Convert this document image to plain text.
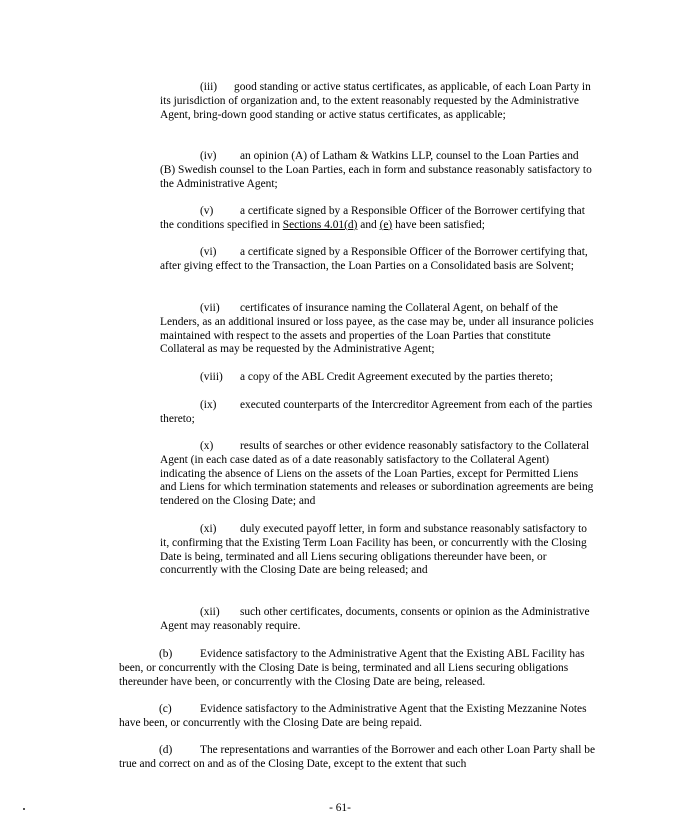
(iii) good standing or active status certificates, as applicable, of each Loan Party in its jurisdiction of organization and, to the extent reasonably requested by the Administrative Agent, bring-down good standing or active status certificates, as applicable;

(iv) an opinion (A) of Latham & Watkins LLP, counsel to the Loan Parties and (B) Swedish counsel to the Loan Parties, each in form and substance reasonably satisfactory to the Administrative Agent;

(v) a certificate signed by a Responsible Officer of the Borrower certifying that the conditions specified in Sections 4.01(d) and (e) have been satisfied;

(vi) a certificate signed by a Responsible Officer of the Borrower certifying that, after giving effect to the Transaction, the Loan Parties on a Consolidated basis are Solvent;

(vii) certificates of insurance naming the Collateral Agent, on behalf of the Lenders, as an additional insured or loss payee, as the case may be, under all insurance policies maintained with respect to the assets and properties of the Loan Parties that constitute Collateral as may be requested by the Administrative Agent;

(viii) a copy of the ABL Credit Agreement executed by the parties thereto;

(ix) executed counterparts of the Intercreditor Agreement from each of the parties thereto;

(x) results of searches or other evidence reasonably satisfactory to the Collateral Agent (in each case dated as of a date reasonably satisfactory to the Collateral Agent) indicating the absence of Liens on the assets of the Loan Parties, except for Permitted Liens and Liens for which termination statements and releases or subordination agreements are being tendered on the Closing Date; and

(xi) duly executed payoff letter, in form and substance reasonably satisfactory to it, confirming that the Existing Term Loan Facility has been, or concurrently with the Closing Date is being, terminated and all Liens securing obligations thereunder have been, or concurrently with the Closing Date are being released; and

(xii) such other certificates, documents, consents or opinion as the Administrative Agent may reasonably require.

(b) Evidence satisfactory to the Administrative Agent that the Existing ABL Facility has been, or concurrently with the Closing Date is being, terminated and all Liens securing obligations thereunder have been, or concurrently with the Closing Date are being, released.

(c) Evidence satisfactory to the Administrative Agent that the Existing Mezzanine Notes have been, or concurrently with the Closing Date are being repaid.

(d) The representations and warranties of the Borrower and each other Loan Party shall be true and correct on and as of the Closing Date, except to the extent that such

- 61-
